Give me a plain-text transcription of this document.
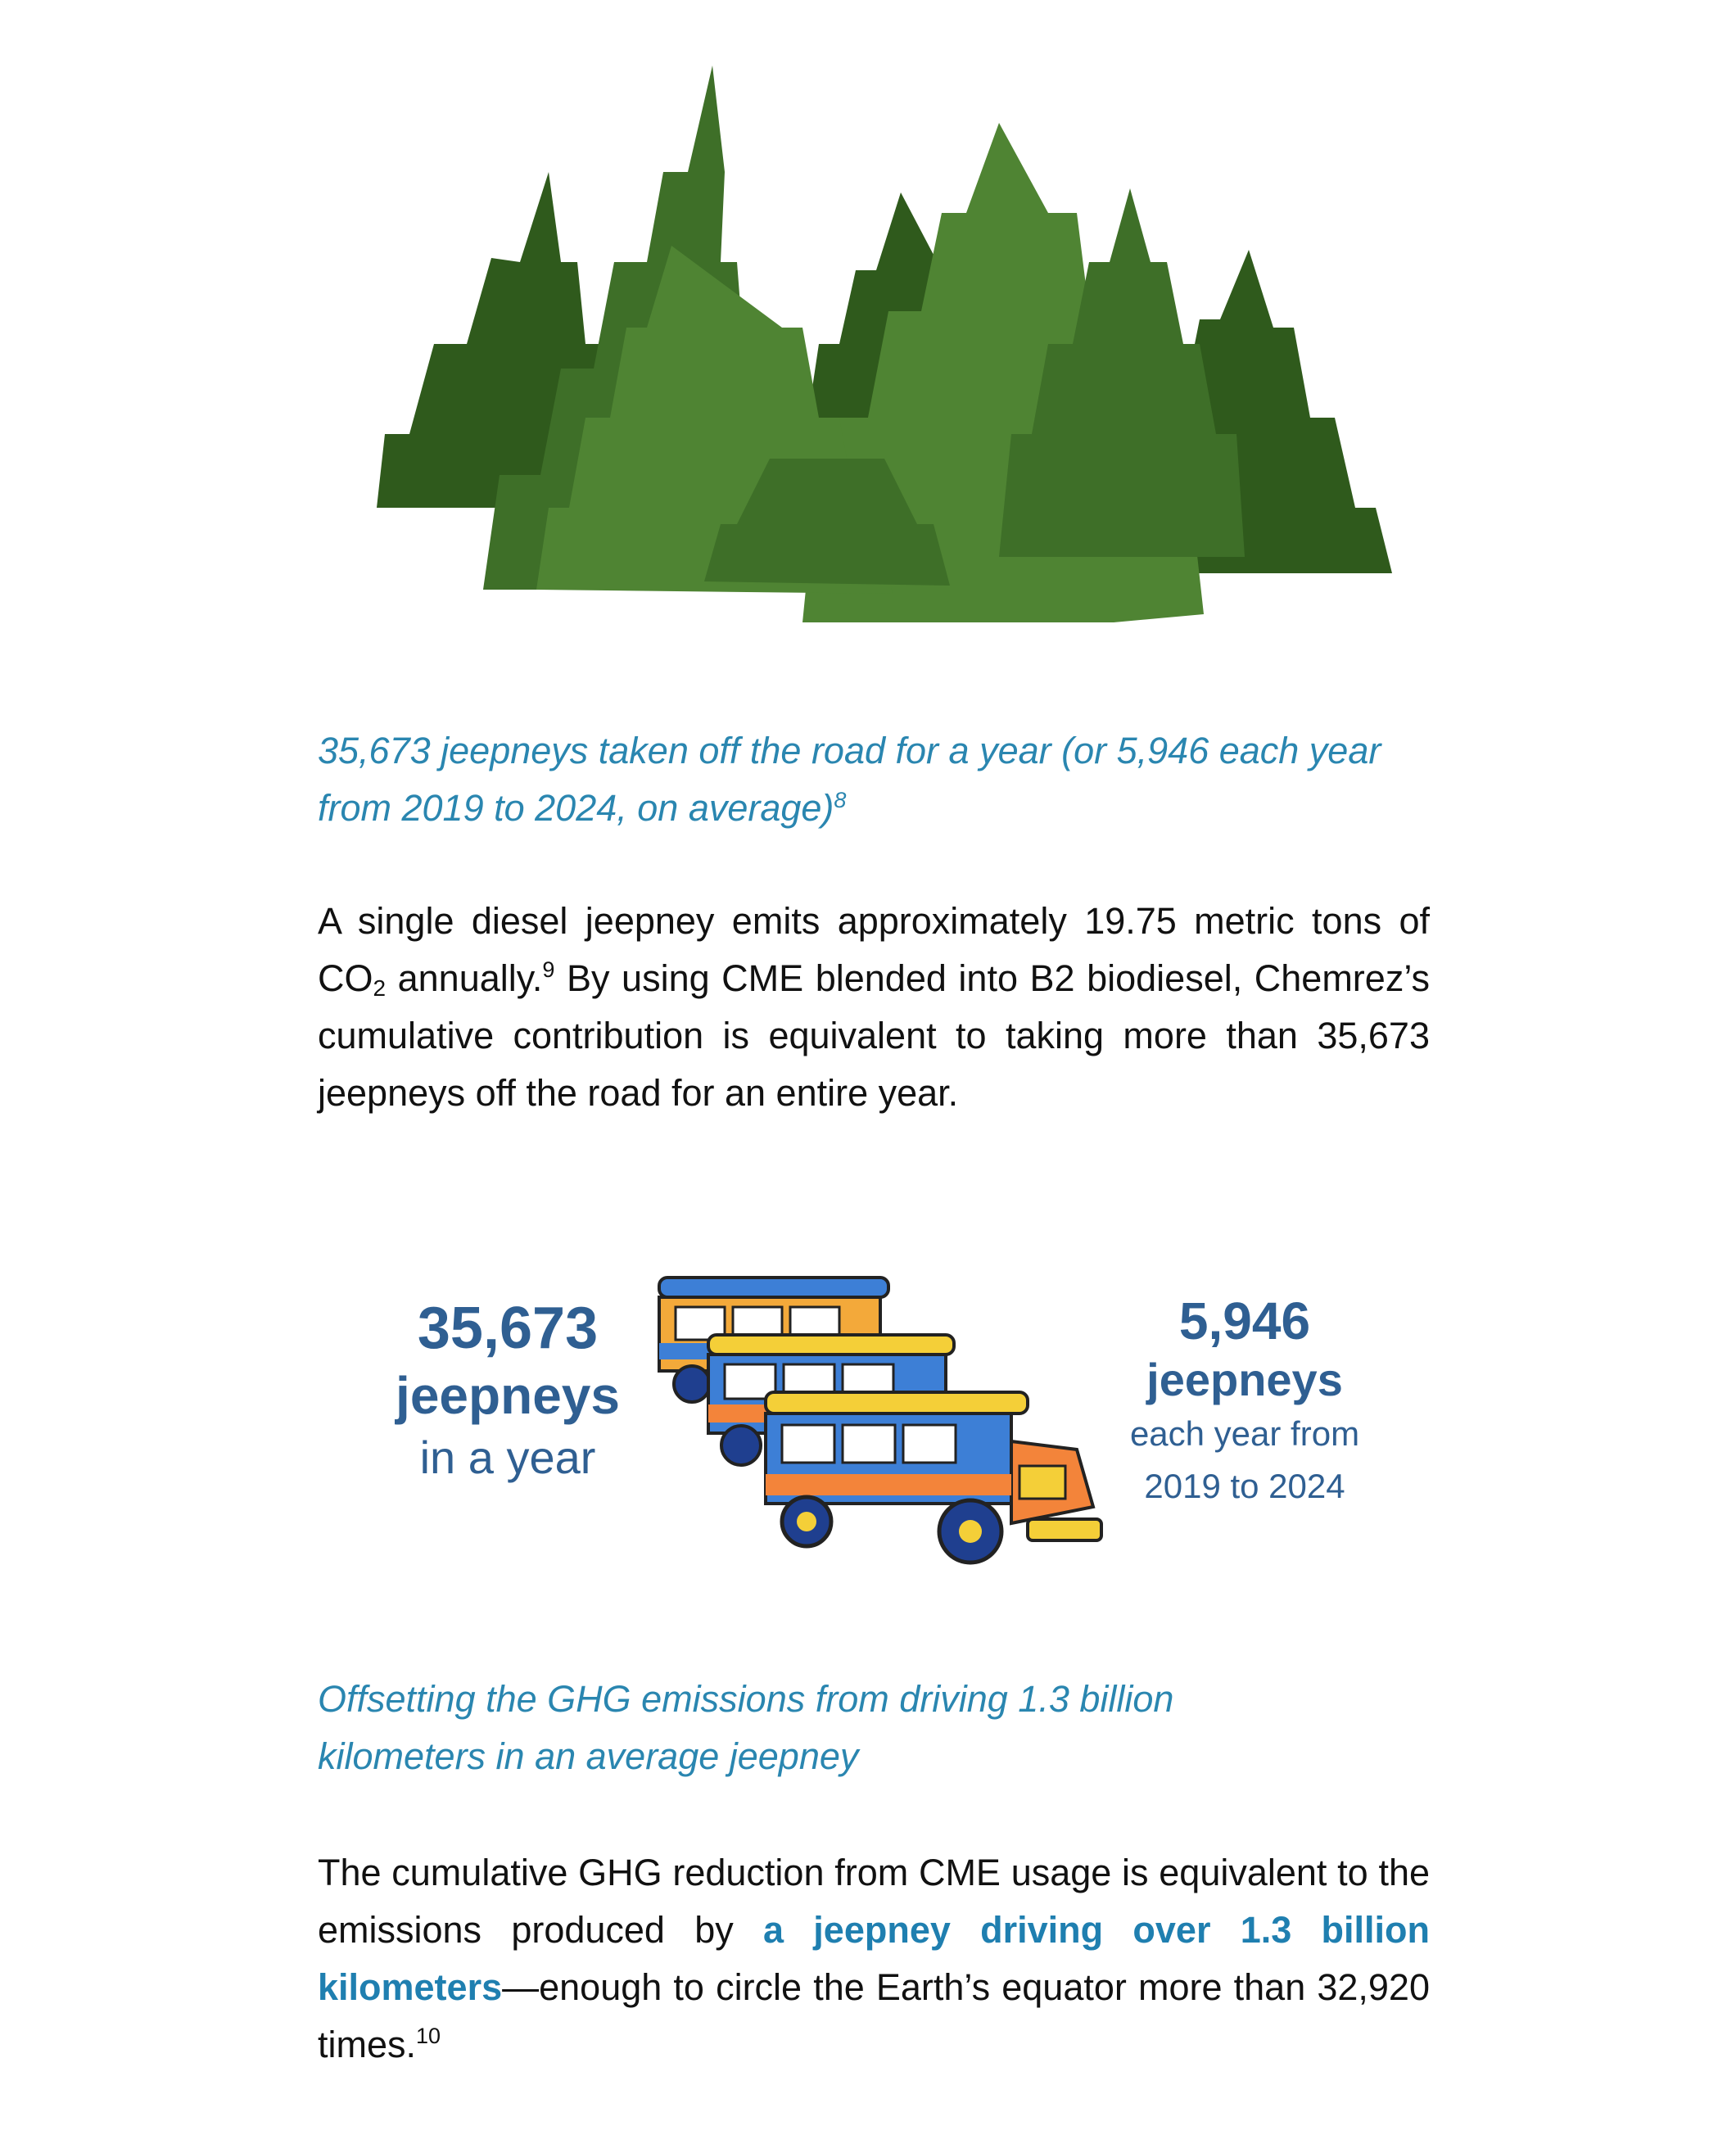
35,673 jeepneys taken off the road for a year (or 5,946 each year from 2019 to 2024, on average)$^8$
A single diesel jeepney emits approximately 19.75 metric tons of $CO_2$ annually.$^9$ By using CME blended into B2 biodiesel, Chemrez’s cumulative contribution is equivalent to taking more than 35,673 jeepneys off the road for an entire year.
35,673
jeepneys
in a year
5,946
jeepneys
each year from
2019 to 2024
Offsetting the GHG emissions from driving 1.3 billion kilometers in an average jeepney
The cumulative GHG reduction from CME usage is equivalent to the emissions produced by a jeepney driving over 1.3 billion kilometers—enough to circle the Earth’s equator more than 32,920 times.$^{10}$
